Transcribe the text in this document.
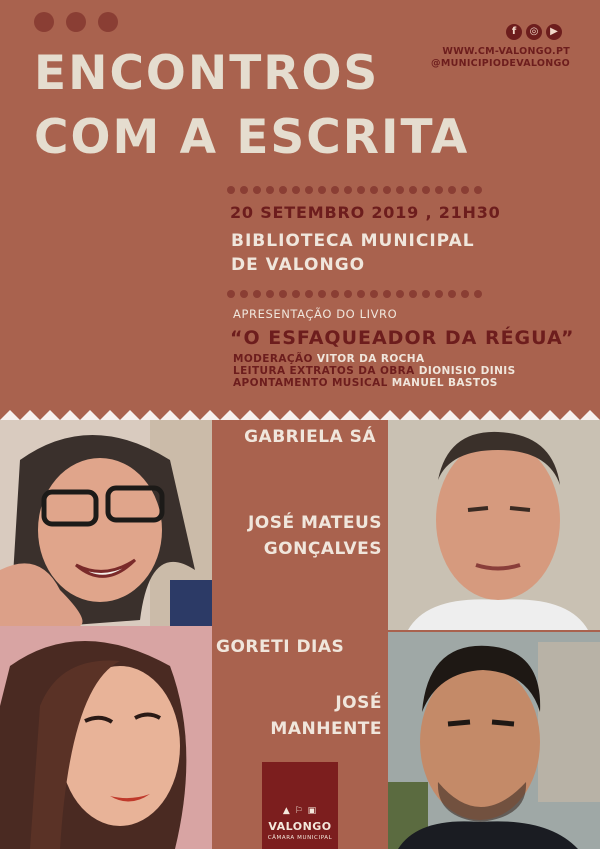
f	◎	▶
WWW.CM-VALONGO.PT
@MUNICIPIODEVALONGO
ENCONTROS
COM A ESCRITA
20 SETEMBRO 2019 , 21H30
BIBLIOTECA MUNICIPAL
DE VALONGO
APRESENTAÇÃO DO LIVRO
“O ESFAQUEADOR DA RÉGUA”
MODERAÇÃO VITOR DA ROCHA
LEITURA EXTRATOS DA OBRA DIONISIO DINIS
APONTAMENTO MUSICAL MANUEL BASTOS
GABRIELA SÁ
JOSÉ MATEUS
GONÇALVES
GORETI DIAS
JOSÉ
MANHENTE
▲ ⚐ ▣
VALONGO
CÂMARA MUNICIPAL
